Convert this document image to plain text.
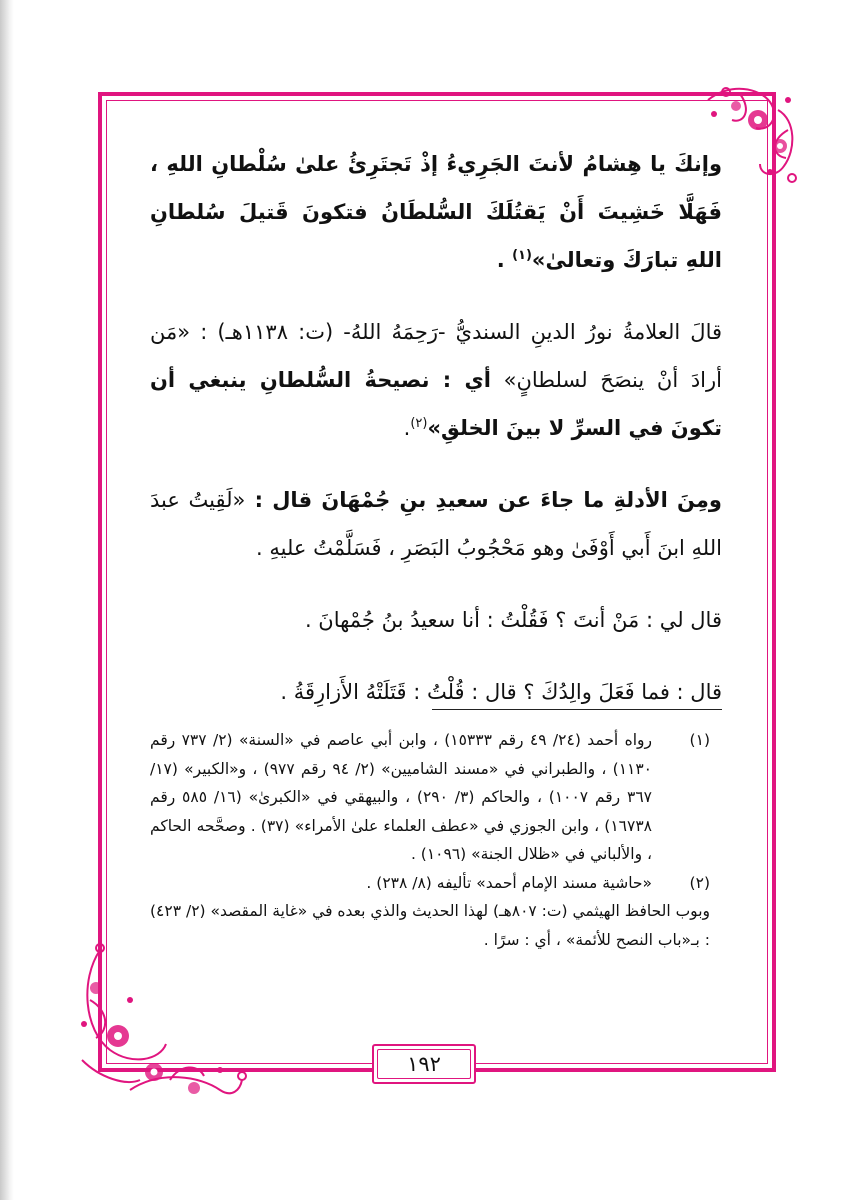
وإنكَ يا هِشامُ لأنتَ الجَرِيءُ إذْ تَجتَرِئُ علىٰ سُلْطانِ اللهِ ، فَهَلَّا خَشِيتَ أَنْ يَقتُلَكَ السُّلطَانُ فتكونَ قَتيلَ سُلطانِ اللهِ تبارَكَ وتعالىٰ»$^{(١)}$ .

قالَ العلامةُ نورُ الدينِ السنديُّ -رَحِمَهُ اللهُ- (ت: ١١٣٨هـ) : «مَن أرادَ أنْ ينصَحَ لسلطانٍ» أي : نصيحةُ السُّلطانِ ينبغي أن تكونَ في السرِّ لا بينَ الخلقِ»$^{(٢)}$.

ومِنَ الأدلةِ ما جاءَ عن سعيدِ بنِ جُمْهَانَ قال : «لَقِيتُ عبدَ اللهِ ابنَ أَبي أَوْفَىٰ وهو مَحْجُوبُ البَصَرِ ، فَسَلَّمْتُ عليهِ .

قال لي : مَنْ أنتَ ؟ فَقُلْتُ : أنا سعيدُ بنُ جُمْهانَ .

قال : فما فَعَلَ والِدُكَ ؟ قال : قُلْتُ : قَتَلَتْهُ الأَزارِقَةُ .

(١)
رواه أحمد (٢٤/ ٤٩ رقم ١٥٣٣٣) ، وابن أبي عاصم في «السنة» (٢/ ٧٣٧ رقم ١١٣٠) ، والطبراني في «مسند الشاميين» (٢/ ٩٤ رقم ٩٧٧) ، و«الكبير» (١٧/ ٣٦٧ رقم ١٠٠٧) ، والحاكم (٣/ ٢٩٠) ، والبيهقي في «الكبرىٰ» (١٦/ ٥٨٥ رقم ١٦٧٣٨) ، وابن الجوزي في «عطف العلماء علىٰ الأمراء» (٣٧) . وصحَّحه الحاكم ، والألباني في «ظلال الجنة» (١٠٩٦) .
(٢)
«حاشية مسند الإمام أحمد» تأليفه (٨/ ٢٣٨) .
وبوب الحافظ الهيثمي (ت: ٨٠٧هـ) لهذا الحديث والذي بعده في «غاية المقصد» (٢/ ٤٢٣) : بـ«باب النصح للأئمة» ، أي : سرًا .
١٩٢
